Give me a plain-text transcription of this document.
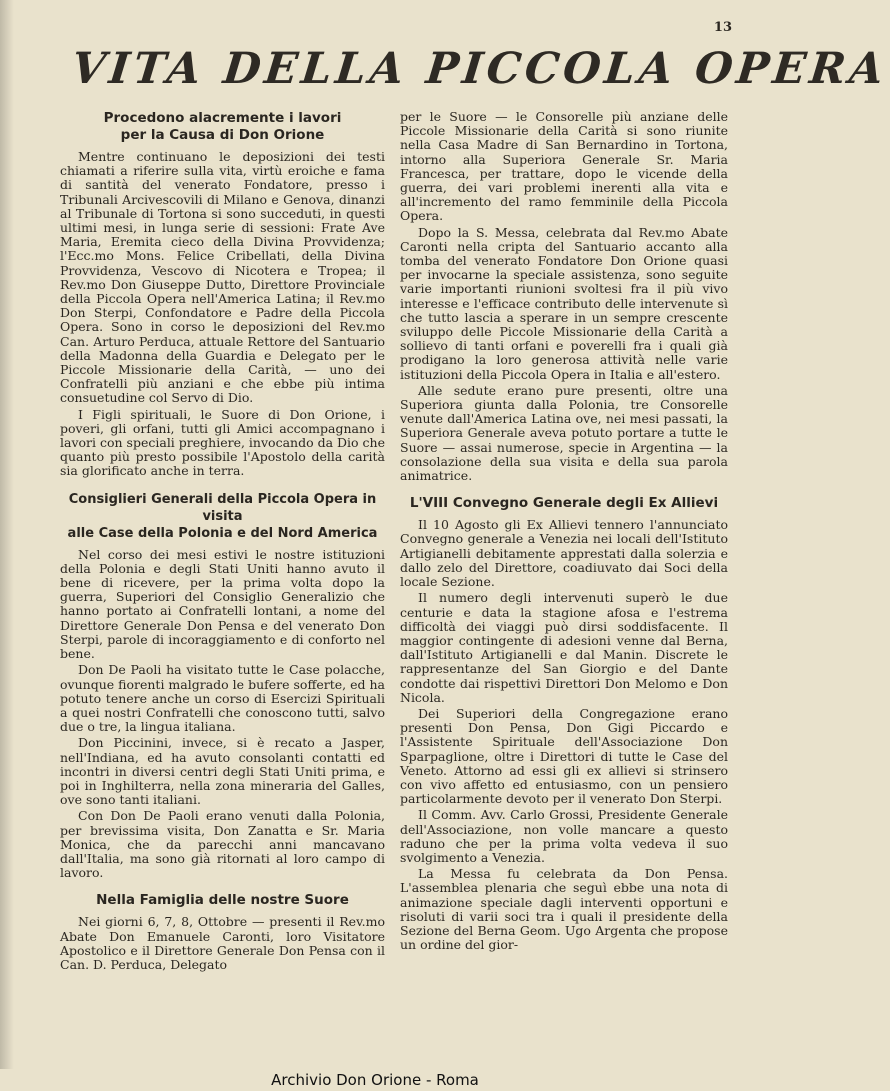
13
VITA DELLA PICCOLA OPERA
Procedono alacremente i lavori
per la Causa di Don Orione

Mentre continuano le deposizioni dei testi chiamati a riferire sulla vita, virtù eroiche e fama di santità del venerato Fondatore, presso i Tribunali Arcivescovili di Milano e Genova, dinanzi al Tribunale di Tortona si sono succeduti, in questi ultimi mesi, in lunga serie di sessioni: Frate Ave Maria, Eremita cieco della Divina Provvidenza; l'Ecc.mo Mons. Felice Cribellati, della Divina Provvidenza, Vescovo di Nicotera e Tropea; il Rev.mo Don Giuseppe Dutto, Direttore Provinciale della Piccola Opera nell'America Latina; il Rev.mo Don Sterpi, Confondatore e Padre della Piccola Opera. Sono in corso le deposizioni del Rev.mo Can. Arturo Perduca, attuale Rettore del Santuario della Madonna della Guardia e Delegato per le Piccole Missionarie della Carità, — uno dei Confratelli più anziani e che ebbe più intima consuetudine col Servo di Dio.

I Figli spirituali, le Suore di Don Orione, i poveri, gli orfani, tutti gli Amici accompagnano i lavori con speciali preghiere, invocando da Dio che quanto più presto possibile l'Apostolo della carità sia glorificato anche in terra.

Consiglieri Generali della Piccola Opera in visita
alle Case della Polonia e del Nord America

Nel corso dei mesi estivi le nostre istituzioni della Polonia e degli Stati Uniti hanno avuto il bene di ricevere, per la prima volta dopo la guerra, Superiori del Consiglio Generalizio che hanno portato ai Confratelli lontani, a nome del Direttore Generale Don Pensa e del venerato Don Sterpi, parole di incoraggiamento e di conforto nel bene.

Don De Paoli ha visitato tutte le Case polacche, ovunque fiorenti malgrado le bufere sofferte, ed ha potuto tenere anche un corso di Esercizi Spirituali a quei nostri Confratelli che conoscono tutti, salvo due o tre, la lingua italiana.

Don Piccinini, invece, si è recato a Jasper, nell'Indiana, ed ha avuto consolanti contatti ed incontri in diversi centri degli Stati Uniti prima, e poi in Inghilterra, nella zona mineraria del Galles, ove sono tanti italiani.

Con Don De Paoli erano venuti dalla Polonia, per brevissima visita, Don Zanatta e Sr. Maria Monica, che da parecchi anni mancavano dall'Italia, ma sono già ritornati al loro campo di lavoro.

Nella Famiglia delle nostre Suore

Nei giorni 6, 7, 8, Ottobre — presenti il Rev.mo Abate Don Emanuele Caronti, loro Visitatore Apostolico e il Direttore Generale Don Pensa con il Can. D. Perduca, Delegato

per le Suore — le Consorelle più anziane delle Piccole Missionarie della Carità si sono riunite nella Casa Madre di San Bernardino in Tortona, intorno alla Superiora Generale Sr. Maria Francesca, per trattare, dopo le vicende della guerra, dei vari problemi inerenti alla vita e all'incremento del ramo femminile della Piccola Opera.

Dopo la S. Messa, celebrata dal Rev.mo Abate Caronti nella cripta del Santuario accanto alla tomba del venerato Fondatore Don Orione quasi per invocarne la speciale assistenza, sono seguite varie importanti riunioni svoltesi fra il più vivo interesse e l'efficace contributo delle intervenute sì che tutto lascia a sperare in un sempre crescente sviluppo delle Piccole Missionarie della Carità a sollievo di tanti orfani e poverelli fra i quali già prodigano la loro generosa attività nelle varie istituzioni della Piccola Opera in Italia e all'estero.

Alle sedute erano pure presenti, oltre una Superiora giunta dalla Polonia, tre Consorelle venute dall'America Latina ove, nei mesi passati, la Superiora Generale aveva potuto portare a tutte le Suore — assai numerose, specie in Argentina — la consolazione della sua visita e della sua parola animatrice.

L'VIII Convegno Generale degli Ex Allievi

Il 10 Agosto gli Ex Allievi tennero l'annunciato Convegno generale a Venezia nei locali dell'Istituto Artigianelli debitamente apprestati dalla solerzia e dallo zelo del Direttore, coadiuvato dai Soci della locale Sezione.

Il numero degli intervenuti superò le due centurie e data la stagione afosa e l'estrema difficoltà dei viaggi può dirsi soddisfacente. Il maggior contingente di adesioni venne dal Berna, dall'Istituto Artigianelli e dal Manin. Discrete le rappresentanze del San Giorgio e del Dante condotte dai rispettivi Direttori Don Melomo e Don Nicola.

Dei Superiori della Congregazione erano presenti Don Pensa, Don Gigi Piccardo e l'Assistente Spirituale dell'Associazione Don Sparpaglione, oltre i Direttori di tutte le Case del Veneto. Attorno ad essi gli ex allievi si strinsero con vivo affetto ed entusiasmo, con un pensiero particolarmente devoto per il venerato Don Sterpi.

Il Comm. Avv. Carlo Grossi, Presidente Generale dell'Associazione, non volle mancare a questo raduno che per la prima volta vedeva il suo svolgimento a Venezia.

La Messa fu celebrata da Don Pensa. L'assemblea plenaria che seguì ebbe una nota di animazione speciale dagli interventi opportuni e risoluti di varii soci tra i quali il presidente della Sezione del Berna Geom. Ugo Argenta che propose un ordine del gior-

Archivio Don Orione - Roma
